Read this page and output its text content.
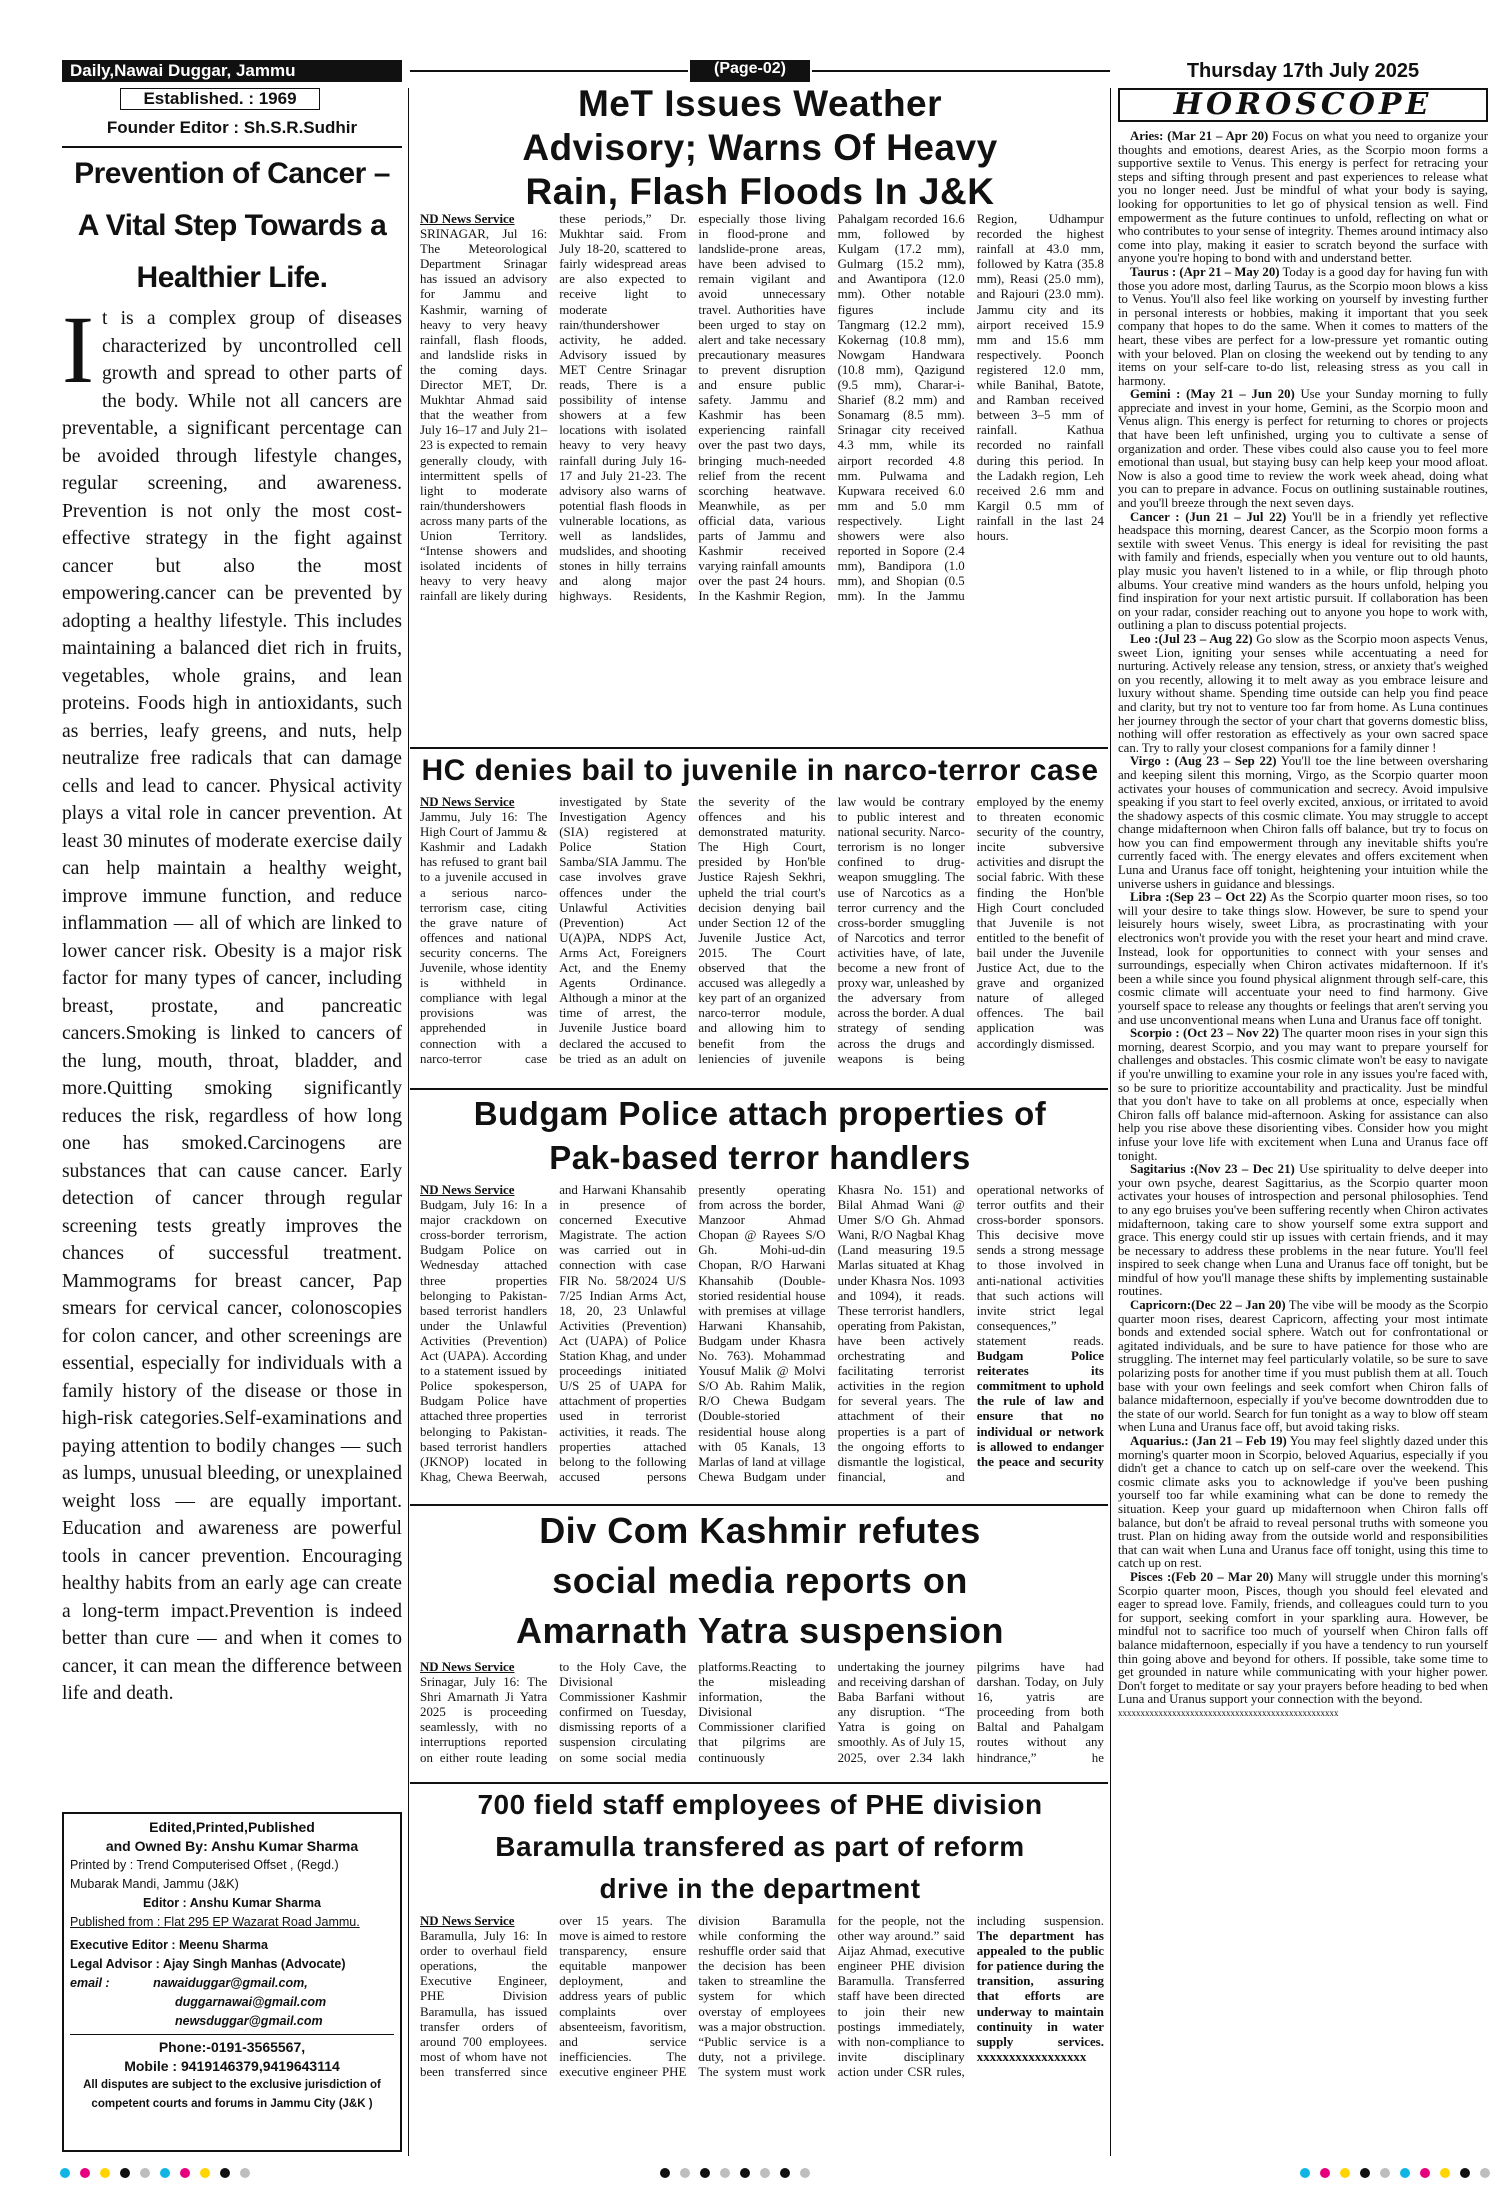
Daily,Nawai Duggar, Jammu	(Page-02)	Thursday 17th July 2025
Established. : 1969
Founder Editor : Sh.S.R.Sudhir
Prevention of Cancer –
A Vital Step Towards a
Healthier Life.
It is a complex group of diseases characterized by uncontrolled cell growth and spread to other parts of the body. While not all cancers are preventable, a significant percentage can be avoided through lifestyle changes, regular screening, and awareness. Prevention is not only the most cost-effective strategy in the fight against cancer but also the most empowering.cancer can be prevented by adopting a healthy lifestyle. This includes maintaining a balanced diet rich in fruits, vegetables, whole grains, and lean proteins. Foods high in antioxidants, such as berries, leafy greens, and nuts, help neutralize free radicals that can damage cells and lead to cancer. Physical activity plays a vital role in cancer prevention. At least 30 minutes of moderate exercise daily can help maintain a healthy weight, improve immune function, and reduce inflammation — all of which are linked to lower cancer risk. Obesity is a major risk factor for many types of cancer, including breast, prostate, and pancreatic cancers.Smoking is linked to cancers of the lung, mouth, throat, bladder, and more.Quitting smoking significantly reduces the risk, regardless of how long one has smoked.Carcinogens are substances that can cause cancer. Early detection of cancer through regular screening tests greatly improves the chances of successful treatment. Mammograms for breast cancer, Pap smears for cervical cancer, colonoscopies for colon cancer, and other screenings are essential, especially for individuals with a family history of the disease or those in high-risk categories.Self-examinations and paying attention to bodily changes — such as lumps, unusual bleeding, or unexplained weight loss — are equally important. Education and awareness are powerful tools in cancer prevention. Encouraging healthy habits from an early age can create a long-term impact.Prevention is indeed better than cure — and when it comes to cancer, it can mean the difference between life and death.
Edited,Printed,Published
and Owned By: Anshu Kumar Sharma
Printed by : Trend Computerised Offset , (Regd.)
Mubarak Mandi, Jammu (J&K)
Editor : Anshu Kumar Sharma
Published from : Flat 295 EP Wazarat Road Jammu.
Executive Editor : Meenu Sharma
Legal Advisor : Ajay Singh Manhas (Advocate)
email :	nawaiduggar@gmail.com,
duggarnawai@gmail.com
newsduggar@gmail.com
Phone:-0191-3565567,
Mobile : 9419146379,9419643114
All disputes are subject to the exclusive jurisdiction of
competent courts and forums in Jammu City (J&K )
MeT Issues Weather
Advisory; Warns Of Heavy
Rain, Flash Floods In J&K
ND News Service
SRINAGAR, Jul 16: The Meteorological Department Srinagar has issued an advisory for Jammu and Kashmir, warning of heavy to very heavy rainfall, flash floods, and landslide risks in the coming days. Director MET, Dr. Mukhtar Ahmad said that the weather from July 16–17 and July 21–23 is expected to remain generally cloudy, with intermittent spells of light to moderate rain/thundershowers across many parts of the Union Territory. “Intense showers and isolated incidents of heavy to very heavy rainfall are likely during these periods,” Dr. Mukhtar said. From July 18-20, scattered to fairly widespread areas are also expected to receive light to moderate rain/thundershower activity, he added. Advisory issued by MET Centre Srinagar reads, There is a possibility of intense showers at a few locations with isolated heavy to very heavy rainfall during July 16-17 and July 21-23. The advisory also warns of potential flash floods in vulnerable locations, as well as landslides, mudslides, and shooting stones in hilly terrains and along major highways. Residents, especially those living in flood-prone and landslide-prone areas, have been advised to remain vigilant and avoid unnecessary travel. Authorities have been urged to stay on alert and take necessary precautionary measures to prevent disruption and ensure public safety. Jammu and Kashmir has been experiencing rainfall over the past two days, bringing much-needed relief from the recent scorching heatwave. Meanwhile, as per official data, various parts of Jammu and Kashmir received varying rainfall amounts over the past 24 hours. In the Kashmir Region, Pahalgam recorded 16.6 mm, followed by Kulgam (17.2 mm), Gulmarg (15.2 mm), and Awantipora (12.0 mm). Other notable figures include Tangmarg (12.2 mm), Kokernag (10.8 mm), Nowgam Handwara (10.8 mm), Qazigund (9.5 mm), Charar-i-Sharief (8.2 mm) and Sonamarg (8.5 mm). Srinagar city received 4.3 mm, while its airport recorded 4.8 mm. Pulwama and Kupwara received 6.0 mm and 5.0 mm respectively. Light showers were also reported in Sopore (2.4 mm), Bandipora (1.0 mm), and Shopian (0.5 mm). In the Jammu Region, Udhampur recorded the highest rainfall at 43.0 mm, followed by Katra (35.8 mm), Reasi (25.0 mm), and Rajouri (23.0 mm). Jammu city and its airport received 15.9 mm and 15.6 mm respectively. Poonch registered 12.0 mm, while Banihal, Batote, and Ramban received between 3–5 mm of rainfall. Kathua recorded no rainfall during this period. In the Ladakh region, Leh received 2.6 mm and Kargil 0.5 mm of rainfall in the last 24 hours.
HC denies bail to juvenile in narco-terror case
ND News Service
Jammu, July 16: The High Court of Jammu & Kashmir and Ladakh has refused to grant bail to a juvenile accused in a serious narco-terrorism case, citing the grave nature of offences and national security concerns. The Juvenile, whose identity is withheld in compliance with legal provisions was apprehended in connection with a narco-terror case investigated by State Investigation Agency (SIA) registered at Police Station Samba/SIA Jammu. The case involves grave offences under the Unlawful Activities (Prevention) Act U(A)PA, NDPS Act, Arms Act, Foreigners Act, and the Enemy Agents Ordinance. Although a minor at the time of arrest, the Juvenile Justice board declared the accused to be tried as an adult on the severity of the offences and his demonstrated maturity. The High Court, presided by Hon'ble Justice Rajesh Sekhri, upheld the trial court's decision denying bail under Section 12 of the Juvenile Justice Act, 2015. The Court observed that the accused was allegedly a key part of an organized narco-terror module, and allowing him to benefit from the leniencies of juvenile law would be contrary to public interest and national security. Narco-terrorism is no longer confined to drug-weapon smuggling. The use of Narcotics as a terror currency and the cross-border smuggling of Narcotics and terror activities have, of late, become a new front of proxy war, unleashed by the adversary from across the border. A dual strategy of sending across the drugs and weapons is being employed by the enemy to threaten economic security of the country, incite subversive activities and disrupt the social fabric. With these finding the Hon'ble High Court concluded that Juvenile is not entitled to the benefit of bail under the Juvenile Justice Act, due to the grave and organized nature of alleged offences. The bail application was accordingly dismissed.
Budgam Police attach properties of
Pak-based terror handlers
ND News Service
Budgam, July 16: In a major crackdown on cross-border terrorism, Budgam Police on Wednesday attached three properties belonging to Pakistan-based terrorist handlers under the Unlawful Activities (Prevention) Act (UAPA). According to a statement issued by Police spokesperson, Budgam Police have attached three properties belonging to Pakistan-based terrorist handlers (JKNOP) located in Khag, Chewa Beerwah, and Harwani Khansahib in presence of concerned Executive Magistrate. The action was carried out in connection with case FIR No. 58/2024 U/S 7/25 Indian Arms Act, 18, 20, 23 Unlawful Activities (Prevention) Act (UAPA) of Police Station Khag, and under proceedings initiated U/S 25 of UAPA for attachment of properties used in terrorist activities, it reads. The properties attached belong to the following accused persons presently operating from across the border, Manzoor Ahmad Chopan @ Rayees S/O Gh. Mohi-ud-din Chopan, R/O Harwani Khansahib (Double-storied residential house with premises at village Harwani Khansahib, Budgam under Khasra No. 763). Mohammad Yousuf Malik @ Molvi S/O Ab. Rahim Malik, R/O Chewa Budgam (Double-storied residential house along with 05 Kanals, 13 Marlas of land at village Chewa Budgam under Khasra No. 151) and Bilal Ahmad Wani @ Umer S/O Gh. Ahmad Wani, R/O Nagbal Khag (Land measuring 19.5 Marlas situated at Khag under Khasra Nos. 1093 and 1094), it reads. These terrorist handlers, operating from Pakistan, have been actively orchestrating and facilitating terrorist activities in the region for several years. The attachment of their properties is a part of the ongoing efforts to dismantle the logistical, financial, and operational networks of terror outfits and their cross-border sponsors. This decisive move sends a strong message to those involved in anti-national activities that such actions will invite strict legal consequences,” statement reads. Budgam Police reiterates its commitment to uphold the rule of law and ensure that no individual or network is allowed to endanger the peace and security
Div Com Kashmir refutes
social media reports on
Amarnath Yatra suspension
ND News Service
Srinagar, July 16: The Shri Amarnath Ji Yatra 2025 is proceeding seamlessly, with no interruptions reported on either route leading to the Holy Cave, the Divisional Commissioner Kashmir confirmed on Tuesday, dismissing reports of a suspension circulating on some social media platforms.Reacting to the misleading information, the Divisional Commissioner clarified that pilgrims are continuously undertaking the journey and receiving darshan of Baba Barfani without any disruption. “The Yatra is going on smoothly. As of July 15, 2025, over 2.34 lakh pilgrims have had darshan. Today, on July 16, yatris are proceeding from both Baltal and Pahalgam routes without any hindrance,” he
700 field staff employees of PHE division
Baramulla transfered as part of reform
drive in the department
ND News Service
Baramulla, July 16: In order to overhaul field operations, the Executive Engineer, PHE Division Baramulla, has issued transfer orders of around 700 employees. most of whom have not been transferred since over 15 years. The move is aimed to restore transparency, ensure equitable manpower deployment, and address years of public complaints over absenteeism, favoritism, and service inefficiencies. The executive engineer PHE division Baramulla while conforming the reshuffle order said that the decision has been taken to streamline the system for which overstay of employees was a major obstruction. “Public service is a duty, not a privilege. The system must work for the people, not the other way around.” said Aijaz Ahmad, executive engineer PHE division Baramulla. Transferred staff have been directed to join their new postings immediately, with non-compliance to invite disciplinary action under CSR rules, including suspension. The department has appealed to the public for patience during the transition, assuring that efforts are underway to maintain continuity in water supply services. xxxxxxxxxxxxxxxxx
HOROSCOPE

Aries: (Mar 21 – Apr 20) Focus on what you need to organize your thoughts and emotions, dearest Aries, as the Scorpio moon forms a supportive sextile to Venus. This energy is perfect for retracing your steps and sifting through present and past experiences to release what you no longer need. Just be mindful of what your body is saying, looking for opportunities to let go of physical tension as well. Find empowerment as the future continues to unfold, reflecting on what or who contributes to your sense of integrity. Themes around intimacy also come into play, making it easier to scratch beyond the surface with anyone you're hoping to bond with and understand better.

Taurus : (Apr 21 – May 20) Today is a good day for having fun with those you adore most, darling Taurus, as the Scorpio moon blows a kiss to Venus. You'll also feel like working on yourself by investing further in personal interests or hobbies, making it important that you seek company that hopes to do the same. When it comes to matters of the heart, these vibes are perfect for a low-pressure yet romantic outing with your beloved. Plan on closing the weekend out by tending to any items on your self-care to-do list, releasing stress as you call in harmony.

Gemini : (May 21 – Jun 20) Use your Sunday morning to fully appreciate and invest in your home, Gemini, as the Scorpio moon and Venus align. This energy is perfect for returning to chores or projects that have been left unfinished, urging you to cultivate a sense of organization and order. These vibes could also cause you to feel more emotional than usual, but staying busy can help keep your mood afloat. Now is also a good time to review the work week ahead, doing what you can to prepare in advance. Focus on outlining sustainable routines, and you'll breeze through the next seven days.

Cancer : (Jun 21 – Jul 22) You'll be in a friendly yet reflective headspace this morning, dearest Cancer, as the Scorpio moon forms a sextile with sweet Venus. This energy is ideal for revisiting the past with family and friends, especially when you venture out to old haunts, play music you haven't listened to in a while, or flip through photo albums. Your creative mind wanders as the hours unfold, helping you find inspiration for your next artistic pursuit. If collaboration has been on your radar, consider reaching out to anyone you hope to work with, outlining a plan to discuss potential projects.

Leo :(Jul 23 – Aug 22) Go slow as the Scorpio moon aspects Venus, sweet Lion, igniting your senses while accentuating a need for nurturing. Actively release any tension, stress, or anxiety that's weighed on you recently, allowing it to melt away as you embrace leisure and luxury without shame. Spending time outside can help you find peace and clarity, but try not to venture too far from home. As Luna continues her journey through the sector of your chart that governs domestic bliss, nothing will offer restoration as effectively as your own sacred space can. Try to rally your closest companions for a family dinner !

Virgo : (Aug 23 – Sep 22) You'll toe the line between oversharing and keeping silent this morning, Virgo, as the Scorpio quarter moon activates your houses of communication and secrecy. Avoid impulsive speaking if you start to feel overly excited, anxious, or irritated to avoid the shadowy aspects of this cosmic climate. You may struggle to accept change midafternoon when Chiron falls off balance, but try to focus on how you can find empowerment through any inevitable shifts you're currently faced with. The energy elevates and offers excitement when Luna and Uranus face off tonight, heightening your intuition while the universe ushers in guidance and blessings.

Libra :(Sep 23 – Oct 22) As the Scorpio quarter moon rises, so too will your desire to take things slow. However, be sure to spend your leisurely hours wisely, sweet Libra, as procrastinating with your electronics won't provide you with the reset your heart and mind crave. Instead, look for opportunities to connect with your senses and surroundings, especially when Chiron activates midafternoon. If it's been a while since you found physical alignment through self-care, this cosmic climate will accentuate your need to find harmony. Give yourself space to release any thoughts or feelings that aren't serving you and use unconventional means when Luna and Uranus face off tonight.

Scorpio : (Oct 23 – Nov 22) The quarter moon rises in your sign this morning, dearest Scorpio, and you may want to prepare yourself for challenges and obstacles. This cosmic climate won't be easy to navigate if you're unwilling to examine your role in any issues you're faced with, so be sure to prioritize accountability and practicality. Just be mindful that you don't have to take on all problems at once, especially when Chiron falls off balance mid-afternoon. Asking for assistance can also help you rise above these disorienting vibes. Consider how you might infuse your love life with excitement when Luna and Uranus face off tonight.

Sagitarius :(Nov 23 – Dec 21) Use spirituality to delve deeper into your own psyche, dearest Sagittarius, as the Scorpio quarter moon activates your houses of introspection and personal philosophies. Tend to any ego bruises you've been suffering recently when Chiron activates midafternoon, taking care to show yourself some extra support and grace. This energy could stir up issues with certain friends, and it may be necessary to address these problems in the near future. You'll feel inspired to seek change when Luna and Uranus face off tonight, but be mindful of how you'll manage these shifts by implementing sustainable routines.

Capricorn:(Dec 22 – Jan 20) The vibe will be moody as the Scorpio quarter moon rises, dearest Capricorn, affecting your most intimate bonds and extended social sphere. Watch out for confrontational or agitated individuals, and be sure to have patience for those who are struggling. The internet may feel particularly volatile, so be sure to save polarizing posts for another time if you must publish them at all. Touch base with your own feelings and seek comfort when Chiron falls of balance midafternoon, especially if you've become downtrodden due to the state of our world. Search for fun tonight as a way to blow off steam when Luna and Uranus face off, but avoid taking risks.

Aquarius.: (Jan 21 – Feb 19) You may feel slightly dazed under this morning's quarter moon in Scorpio, beloved Aquarius, especially if you didn't get a chance to catch up on self-care over the weekend. This cosmic climate asks you to acknowledge if you've been pushing yourself too far while examining what can be done to remedy the situation. Keep your guard up midafternoon when Chiron falls off balance, but don't be afraid to reveal personal truths with someone you trust. Plan on hiding away from the outside world and responsibilities that can wait when Luna and Uranus face off tonight, using this time to catch up on rest.

Pisces :(Feb 20 – Mar 20) Many will struggle under this morning's Scorpio quarter moon, Pisces, though you should feel elevated and eager to spread love. Family, friends, and colleagues could turn to you for support, seeking comfort in your sparkling aura. However, be mindful not to sacrifice too much of yourself when Chiron falls off balance midafternoon, especially if you have a tendency to run yourself thin going above and beyond for others. If possible, take some time to get grounded in nature while communicating with your higher power. Don't forget to meditate or say your prayers before heading to bed when Luna and Uranus support your connection with the beyond.

xxxxxxxxxxxxxxxxxxxxxxxxxxxxxxxxxxxxxxxxxxxxxxxxx
